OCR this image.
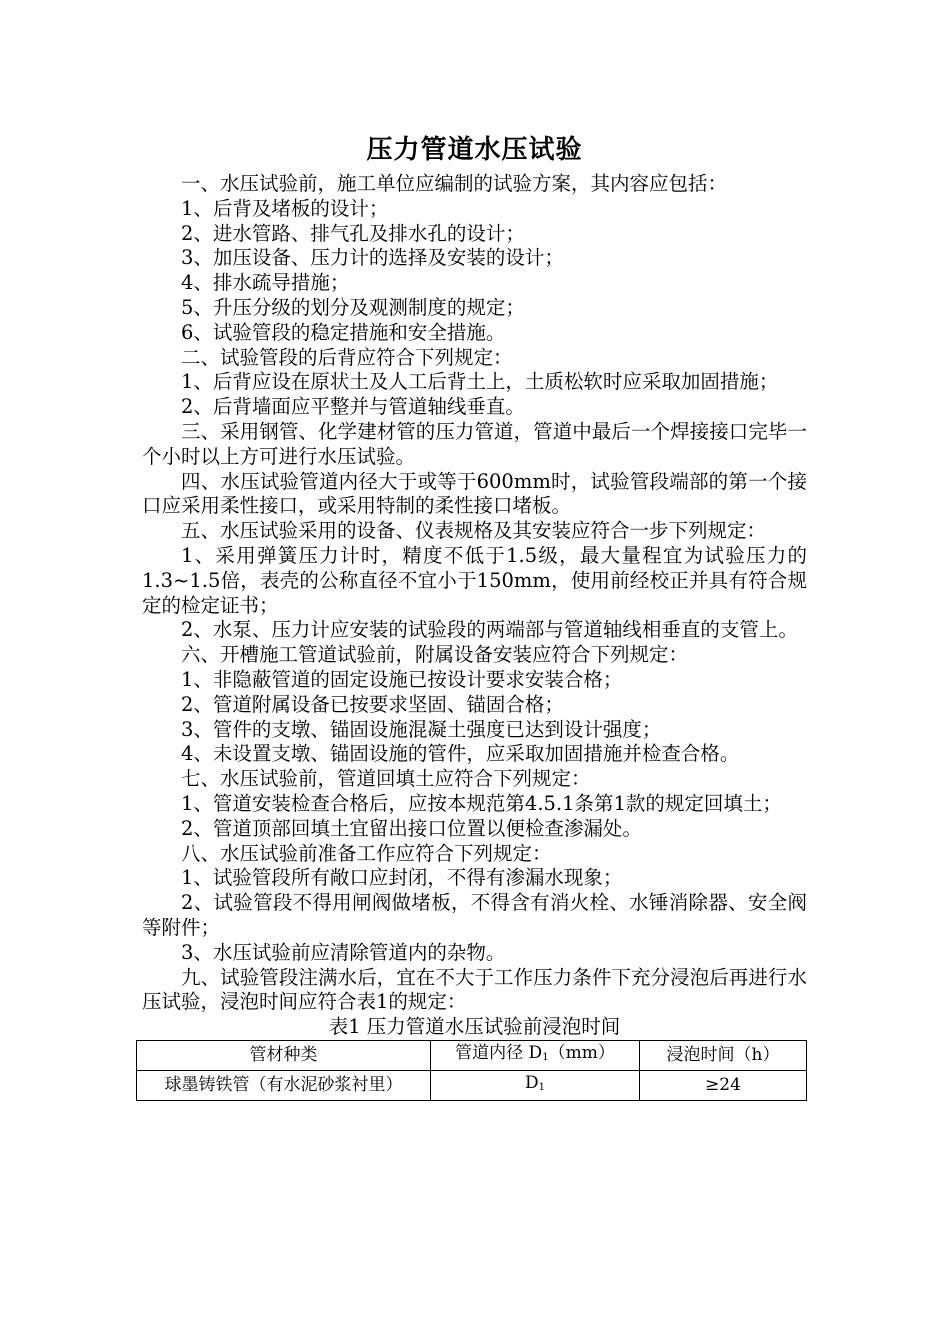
压力管道水压试验

一、水压试验前，施工单位应编制的试验方案，其内容应包括：

1、后背及堵板的设计；

2、进水管路、排气孔及排水孔的设计；

3、加压设备、压力计的选择及安装的设计；

4、排水疏导措施；

5、升压分级的划分及观测制度的规定；

6、试验管段的稳定措施和安全措施。

二、试验管段的后背应符合下列规定：

1、后背应设在原状土及人工后背土上，土质松软时应采取加固措施；

2、后背墙面应平整并与管道轴线垂直。

三、采用钢管、化学建材管的压力管道，管道中最后一个焊接接口完毕一个小时以上方可进行水压试验。

四、水压试验管道内径大于或等于600mm时，试验管段端部的第一个接口应采用柔性接口，或采用特制的柔性接口堵板。

五、水压试验采用的设备、仪表规格及其安装应符合一步下列规定：

1、采用弹簧压力计时，精度不低于1.5级，最大量程宜为试验压力的1.3~1.5倍，表壳的公称直径不宜小于150mm，使用前经校正并具有符合规定的检定证书；

2、水泵、压力计应安装的试验段的两端部与管道轴线相垂直的支管上。

六、开槽施工管道试验前，附属设备安装应符合下列规定：

1、非隐蔽管道的固定设施已按设计要求安装合格；

2、管道附属设备已按要求坚固、锚固合格；

3、管件的支墩、锚固设施混凝土强度已达到设计强度；

4、未设置支墩、锚固设施的管件，应采取加固措施并检查合格。

七、水压试验前，管道回填土应符合下列规定：

1、管道安装检查合格后，应按本规范第4.5.1条第1款的规定回填土；

2、管道顶部回填土宜留出接口位置以便检查渗漏处。

八、水压试验前准备工作应符合下列规定：

1、试验管段所有敞口应封闭，不得有渗漏水现象；

2、试验管段不得用闸阀做堵板，不得含有消火栓、水锤消除器、安全阀等附件；

3、水压试验前应清除管道内的杂物。

九、试验管段注满水后，宜在不大于工作压力条件下充分浸泡后再进行水压试验，浸泡时间应符合表1的规定：

表1 压力管道水压试验前浸泡时间

管材种类	管道内径 $D_1(mm)$	浸泡时间（h）
球墨铸铁管（有水泥砂浆衬里）	$D_1$	≥24
